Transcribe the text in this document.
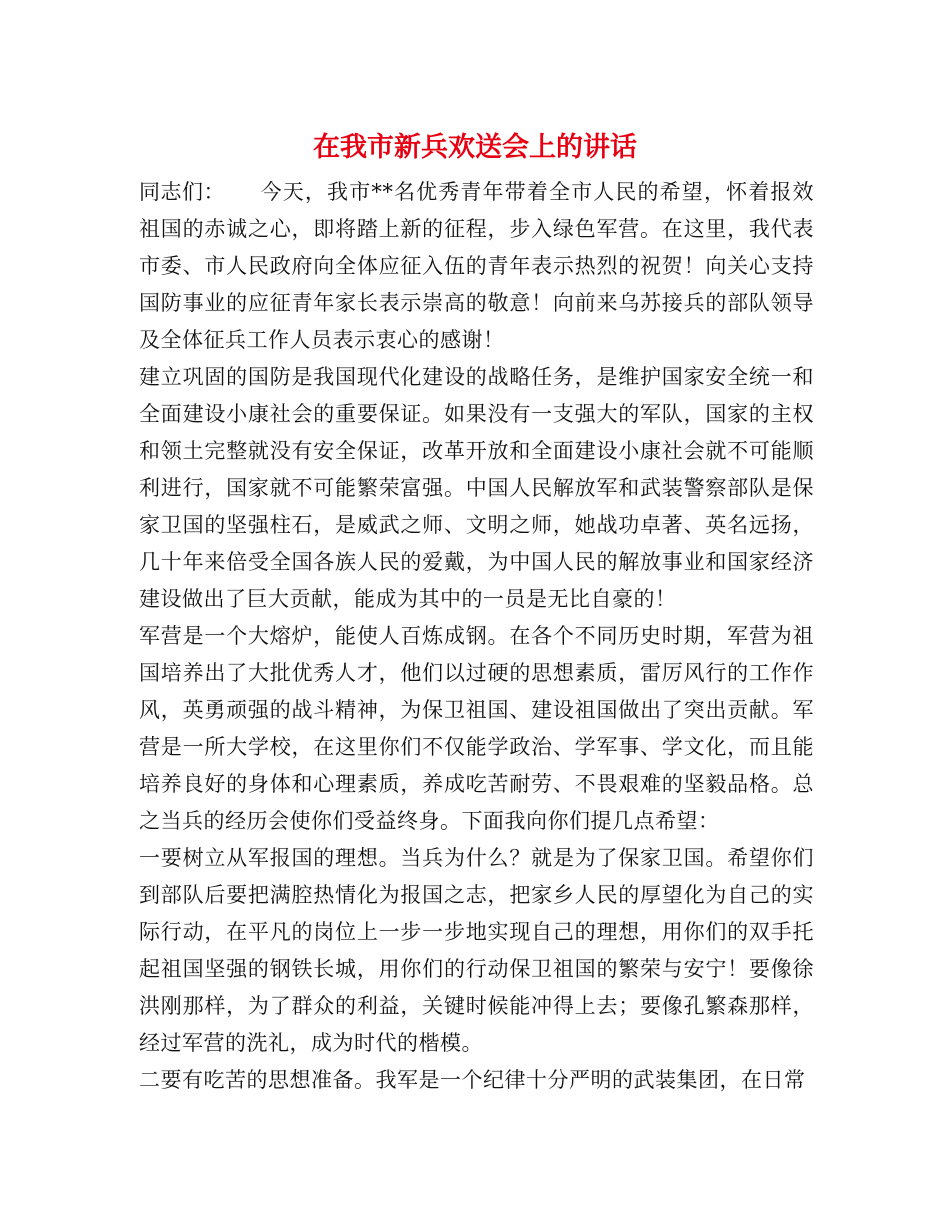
在我市新兵欢送会上的讲话

同志们： 今天，我市**名优秀青年带着全市人民的希望，怀着报效祖国的赤诚之心，即将踏上新的征程，步入绿色军营。在这里，我代表市委、市人民政府向全体应征入伍的青年表示热烈的祝贺！向关心支持国防事业的应征青年家长表示崇高的敬意！向前来乌苏接兵的部队领导及全体征兵工作人员表示衷心的感谢！

建立巩固的国防是我国现代化建设的战略任务，是维护国家安全统一和全面建设小康社会的重要保证。如果没有一支强大的军队，国家的主权和领土完整就没有安全保证，改革开放和全面建设小康社会就不可能顺利进行，国家就不可能繁荣富强。中国人民解放军和武装警察部队是保家卫国的坚强柱石，是威武之师、文明之师，她战功卓著、英名远扬，几十年来倍受全国各族人民的爱戴，为中国人民的解放事业和国家经济建设做出了巨大贡献，能成为其中的一员是无比自豪的！

军营是一个大熔炉，能使人百炼成钢。在各个不同历史时期，军营为祖国培养出了大批优秀人才，他们以过硬的思想素质，雷厉风行的工作作风，英勇顽强的战斗精神，为保卫祖国、建设祖国做出了突出贡献。军营是一所大学校，在这里你们不仅能学政治、学军事、学文化，而且能培养良好的身体和心理素质，养成吃苦耐劳、不畏艰难的坚毅品格。总之当兵的经历会使你们受益终身。下面我向你们提几点希望：

一要树立从军报国的理想。当兵为什么？就是为了保家卫国。希望你们到部队后要把满腔热情化为报国之志，把家乡人民的厚望化为自己的实际行动，在平凡的岗位上一步一步地实现自己的理想，用你们的双手托起祖国坚强的钢铁长城，用你们的行动保卫祖国的繁荣与安宁！要像徐洪刚那样，为了群众的利益，关键时候能冲得上去；要像孔繁森那样，经过军营的洗礼，成为时代的楷模。

二要有吃苦的思想准备。我军是一个纪律十分严明的武装集团，在日常
